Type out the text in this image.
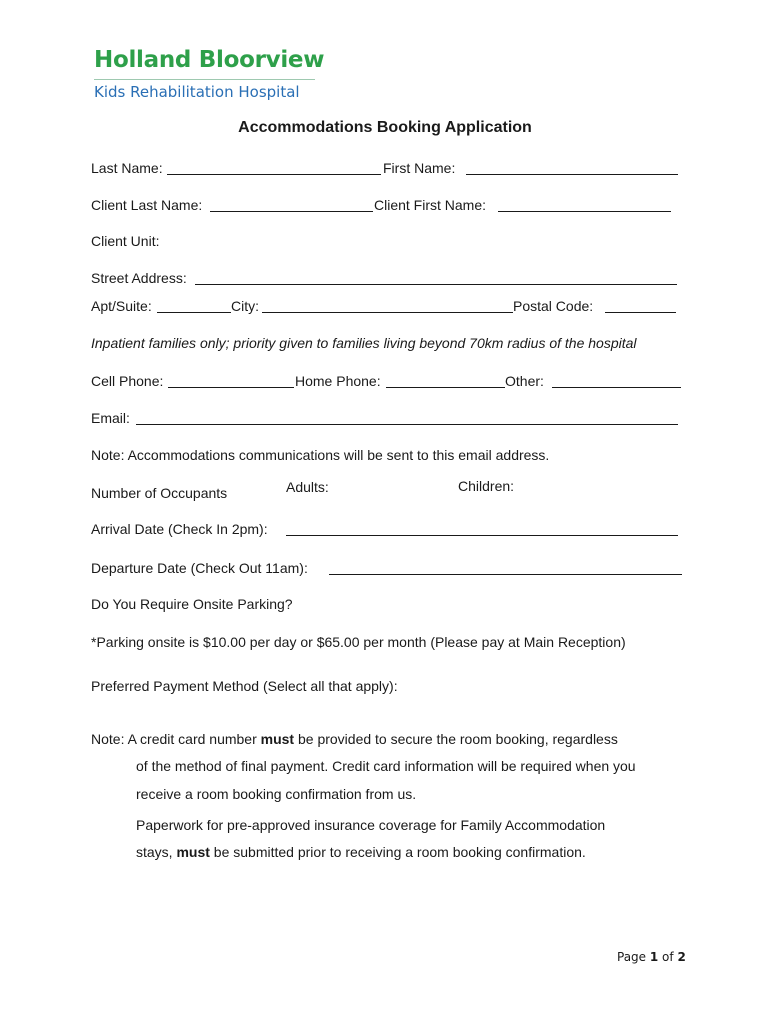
Holland Bloorview
Kids Rehabilitation Hospital
Accommodations Booking Application
Last Name:	First Name:
Client Last Name:	Client First Name:
Client Unit:
Street Address:
Apt/Suite:	City:	Postal Code:
Inpatient families only; priority given to families living beyond 70km radius of the hospital
Cell Phone:	Home Phone:	Other:
Email:
Note: Accommodations communications will be sent to this email address.
Number of Occupants	Adults:	Children:
Arrival Date (Check In 2pm):
Departure Date (Check Out 11am):
Do You Require Onsite Parking?
*Parking onsite is $10.00 per day or $65.00 per month (Please pay at Main Reception)
Preferred Payment Method (Select all that apply):
Note: A credit card number must be provided to secure the room booking, regardless
of the method of final payment. Credit card information will be required when you
receive a room booking confirmation from us.
Paperwork for pre-approved insurance coverage for Family Accommodation
stays, must be submitted prior to receiving a room booking confirmation.
Page 1 of 2
